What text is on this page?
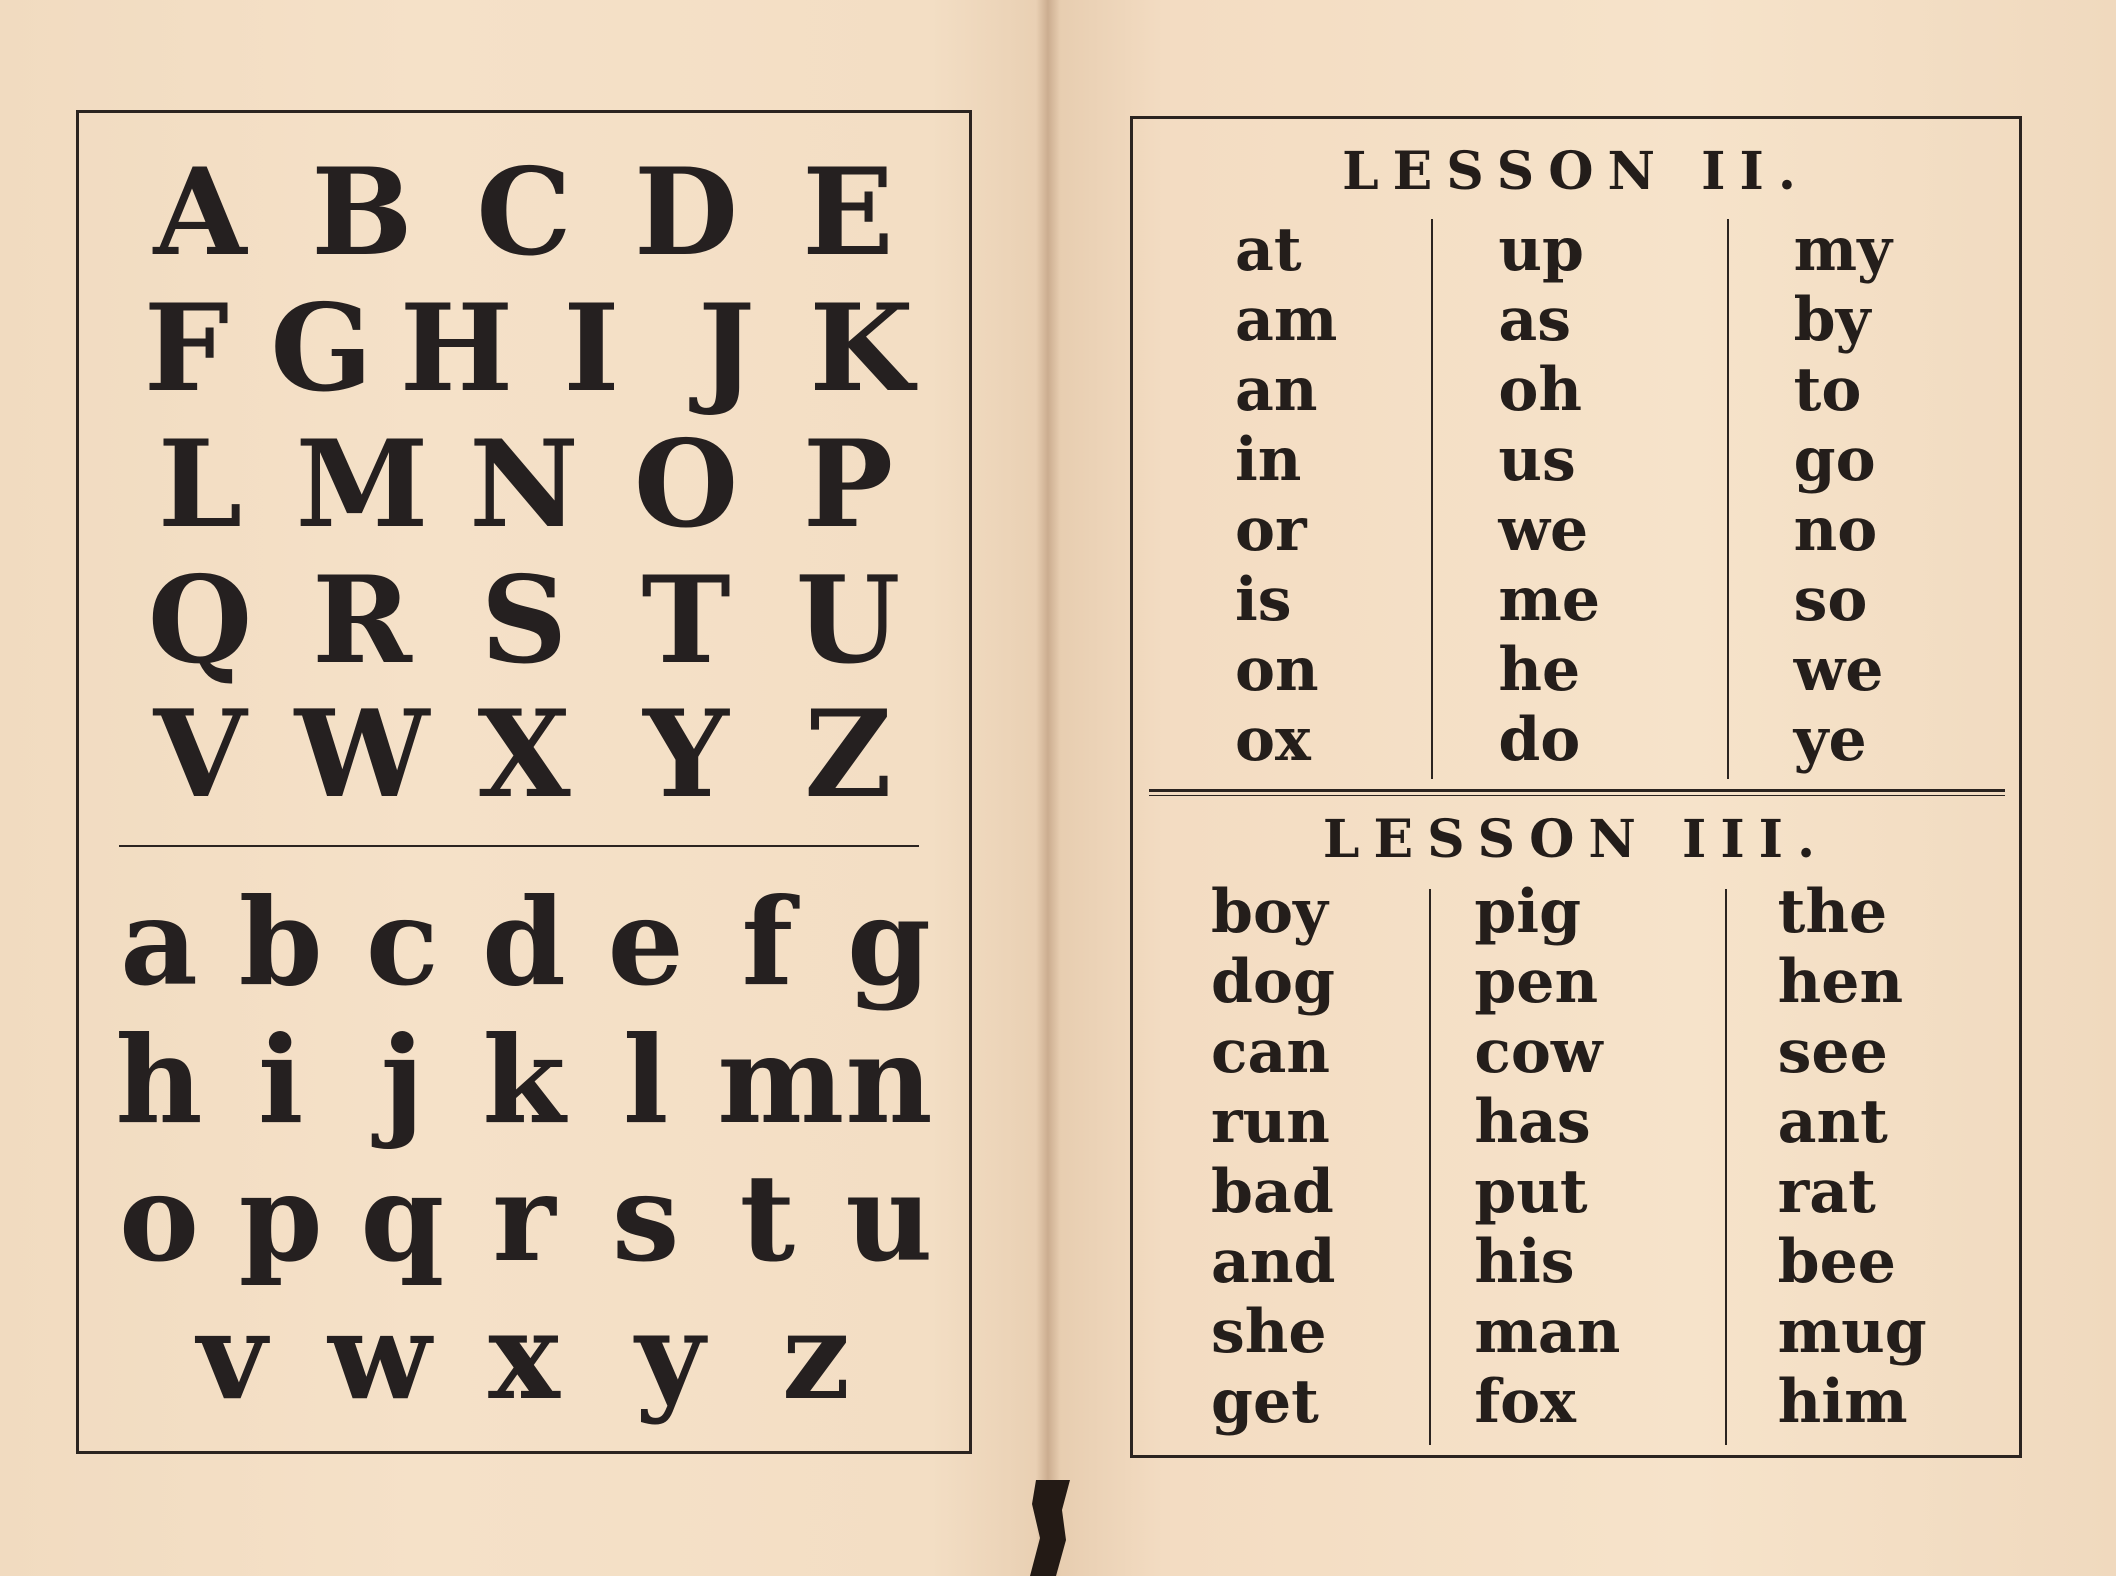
A B C D E
F G H I J K
L M N O P
Q R S T U
V W X Y Z
a b c d e f g
h i j k l m n
o p q r s t u
v w x y z
LESSON II.
at
am
an
in
or
is
on
ox
up
as
oh
us
we
me
he
do
my
by
to
go
no
so
we
ye
LESSON III.
boy
dog
can
run
bad
and
she
get
pig
pen
cow
has
put
his
man
fox
the
hen
see
ant
rat
bee
mug
him
